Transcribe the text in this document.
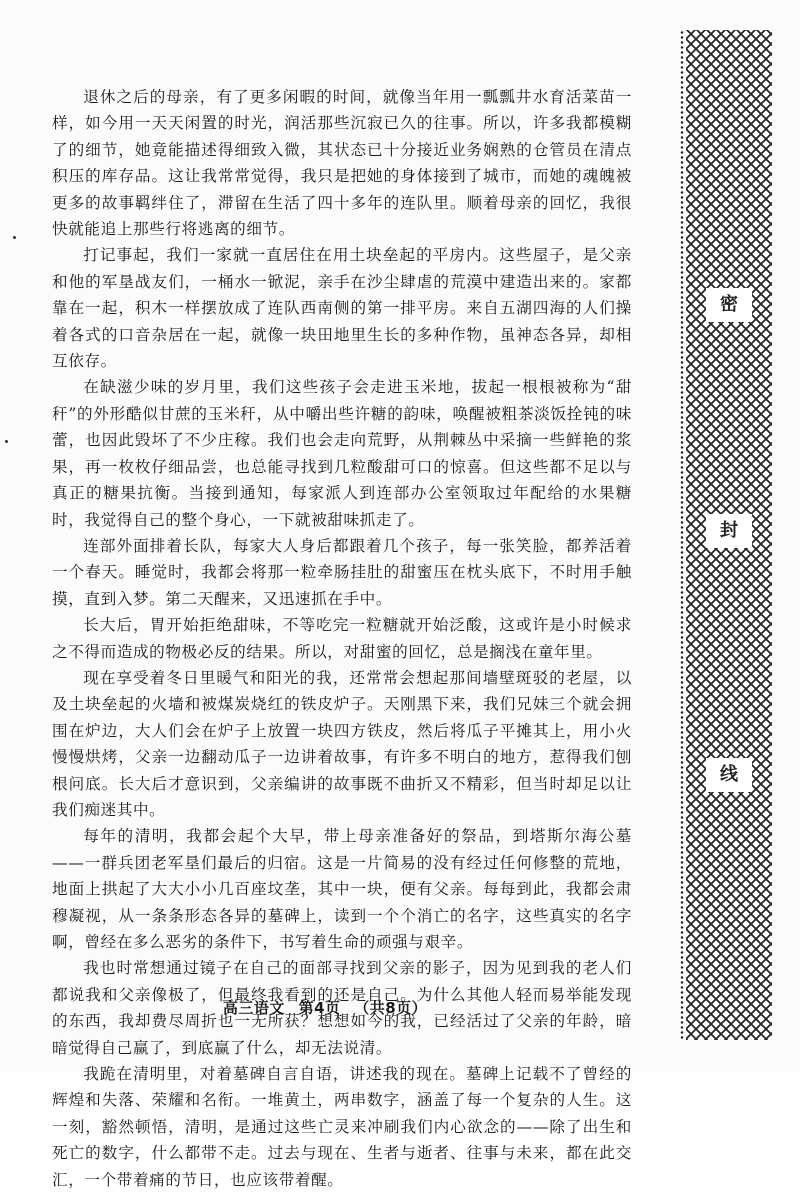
退休之后的母亲，有了更多闲暇的时间，就像当年用一瓢瓢井水育活菜苗一样，如今用一天天闲置的时光，润活那些沉寂已久的往事。所以，许多我都模糊了的细节，她竟能描述得细致入微，其状态已十分接近业务娴熟的仓管员在清点积压的库存品。这让我常常觉得，我只是把她的身体接到了城市，而她的魂魄被更多的故事羁绊住了，滞留在生活了四十多年的连队里。顺着母亲的回忆，我很快就能追上那些行将逃离的细节。

打记事起，我们一家就一直居住在用土块垒起的平房内。这些屋子，是父亲和他的军垦战友们，一桶水一锨泥，亲手在沙尘肆虐的荒漠中建造出来的。家都靠在一起，积木一样摆放成了连队西南侧的第一排平房。来自五湖四海的人们操着各式的口音杂居在一起，就像一块田地里生长的多种作物，虽神态各异，却相互依存。

在缺滋少味的岁月里，我们这些孩子会走进玉米地，拔起一根根被称为“甜秆”的外形酷似甘蔗的玉米秆，从中嚼出些许糖的韵味，唤醒被粗茶淡饭拴钝的味蕾，也因此毁坏了不少庄稼。我们也会走向荒野，从荆棘丛中采摘一些鲜艳的浆果，再一枚枚仔细品尝，也总能寻找到几粒酸甜可口的惊喜。但这些都不足以与真正的糖果抗衡。当接到通知，每家派人到连部办公室领取过年配给的水果糖时，我觉得自己的整个身心，一下就被甜味抓走了。

连部外面排着长队，每家大人身后都跟着几个孩子，每一张笑脸，都养活着一个春天。睡觉时，我都会将那一粒牵肠挂肚的甜蜜压在枕头底下，不时用手触摸，直到入梦。第二天醒来，又迅速抓在手中。

长大后，胃开始拒绝甜味，不等吃完一粒糖就开始泛酸，这或许是小时候求之不得而造成的物极必反的结果。所以，对甜蜜的回忆，总是搁浅在童年里。

现在享受着冬日里暖气和阳光的我，还常常会想起那间墙壁斑驳的老屋，以及土块垒起的火墙和被煤炭烧红的铁皮炉子。天刚黑下来，我们兄妹三个就会拥围在炉边，大人们会在炉子上放置一块四方铁皮，然后将瓜子平摊其上，用小火慢慢烘烤，父亲一边翻动瓜子一边讲着故事，有许多不明白的地方，惹得我们刨根问底。长大后才意识到，父亲编讲的故事既不曲折又不精彩，但当时却足以让我们痴迷其中。

每年的清明，我都会起个大早，带上母亲准备好的祭品，到塔斯尔海公墓——一群兵团老军垦们最后的归宿。这是一片简易的没有经过任何修整的荒地，地面上拱起了大大小小几百座坟垄，其中一块，便有父亲。每每到此，我都会肃穆凝视，从一条条形态各异的墓碑上，读到一个个消亡的名字，这些真实的名字啊，曾经在多么恶劣的条件下，书写着生命的顽强与艰辛。

我也时常想通过镜子在自己的面部寻找到父亲的影子，因为见到我的老人们都说我和父亲像极了，但最终我看到的还是自己。为什么其他人轻而易举能发现的东西，我却费尽周折也一无所获？想想如今的我，已经活过了父亲的年龄，暗暗觉得自己赢了，到底赢了什么，却无法说清。

我跪在清明里，对着墓碑自言自语，讲述我的现在。墓碑上记载不了曾经的辉煌和失落、荣耀和名衔。一堆黄土，两串数字，涵盖了每一个复杂的人生。这一刻，豁然顿悟，清明，是通过这些亡灵来冲刷我们内心欲念的——除了出生和死亡的数字，什么都带不走。过去与现在、生者与逝者、往事与未来，都在此交汇，一个带着痛的节日，也应该带着醒。

高三语文 第4页 （共8页）
密
封
线
